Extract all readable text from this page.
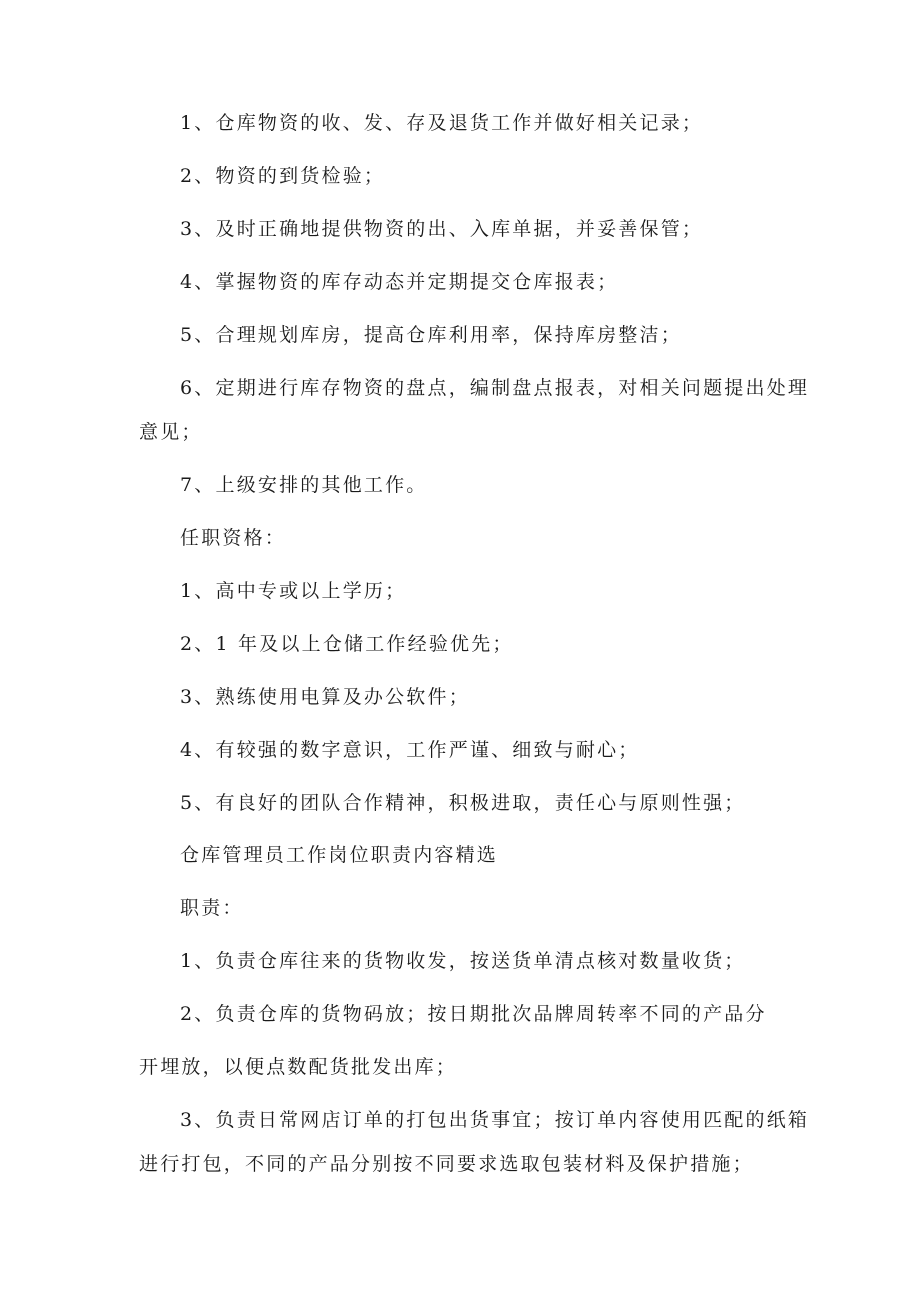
1、仓库物资的收、发、存及退货工作并做好相关记录；
2、物资的到货检验；
3、及时正确地提供物资的出、入库单据，并妥善保管；
4、掌握物资的库存动态并定期提交仓库报表；
5、合理规划库房，提高仓库利用率，保持库房整洁；
6、定期进行库存物资的盘点，编制盘点报表，对相关问题提出处理
意见；
7、上级安排的其他工作。
任职资格：
1、高中专或以上学历；
2、1 年及以上仓储工作经验优先；
3、熟练使用电算及办公软件；
4、有较强的数字意识，工作严谨、细致与耐心；
5、有良好的团队合作精神，积极进取，责任心与原则性强；
仓库管理员工作岗位职责内容精选
职责：
1、负责仓库往来的货物收发，按送货单清点核对数量收货；
2、负责仓库的货物码放；按日期批次品牌周转率不同的产品分
开埋放，以便点数配货批发出库；
3、负责日常网店订单的打包出货事宜；按订单内容使用匹配的纸箱
进行打包，不同的产品分别按不同要求选取包装材料及保护措施；
